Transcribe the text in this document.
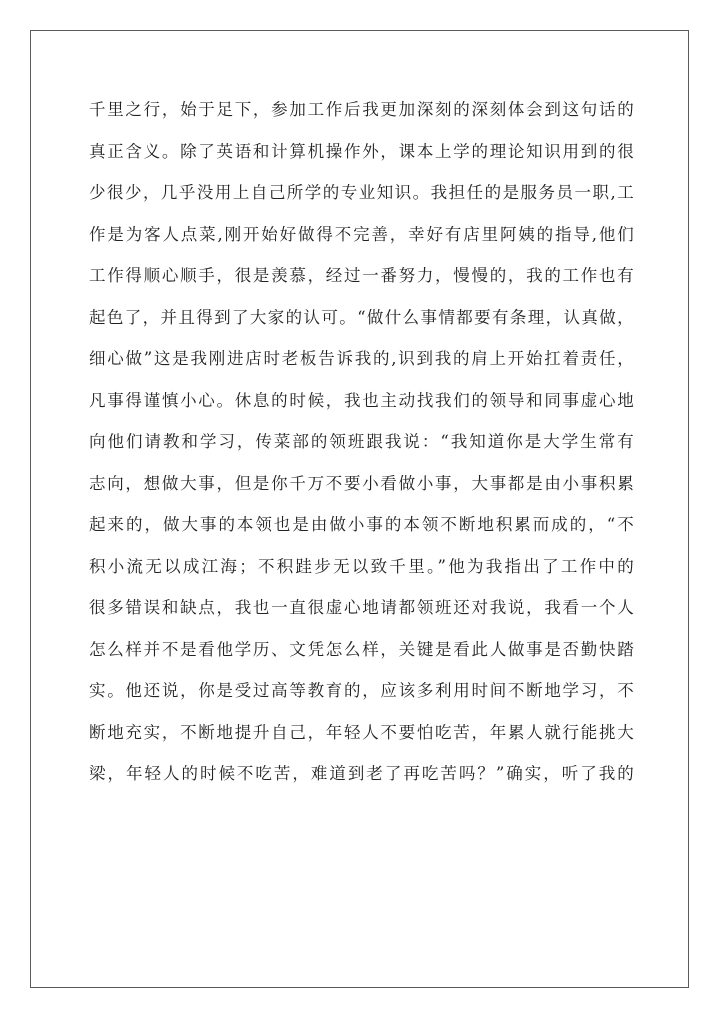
千里之行，始于足下，参加工作后我更加深刻的深刻体会到这句话的
真正含义。除了英语和计算机操作外，课本上学的理论知识用到的很
少很少，几乎没用上自己所学的专业知识。我担任的是服务员一职,工
作是为客人点菜,刚开始好做得不完善，幸好有店里阿姨的指导,他们
工作得顺心顺手，很是羡慕，经过一番努力，慢慢的，我的工作也有
起色了，并且得到了大家的认可。“做什么事情都要有条理，认真做，
细心做”这是我刚进店时老板告诉我的,识到我的肩上开始扛着责任，
凡事得谨慎小心。休息的时候，我也主动找我们的领导和同事虚心地
向他们请教和学习，传菜部的领班跟我说：“我知道你是大学生常有
志向，想做大事，但是你千万不要小看做小事，大事都是由小事积累
起来的，做大事的本领也是由做小事的本领不断地积累而成的，“不
积小流无以成江海；不积跬步无以致千里。”他为我指出了工作中的
很多错误和缺点，我也一直很虚心地请都领班还对我说，我看一个人
怎么样并不是看他学历、文凭怎么样，关键是看此人做事是否勤快踏
实。他还说，你是受过高等教育的，应该多利用时间不断地学习，不
断地充实，不断地提升自己，年轻人不要怕吃苦，年累人就行能挑大
梁，年轻人的时候不吃苦，难道到老了再吃苦吗？”确实，听了我的
